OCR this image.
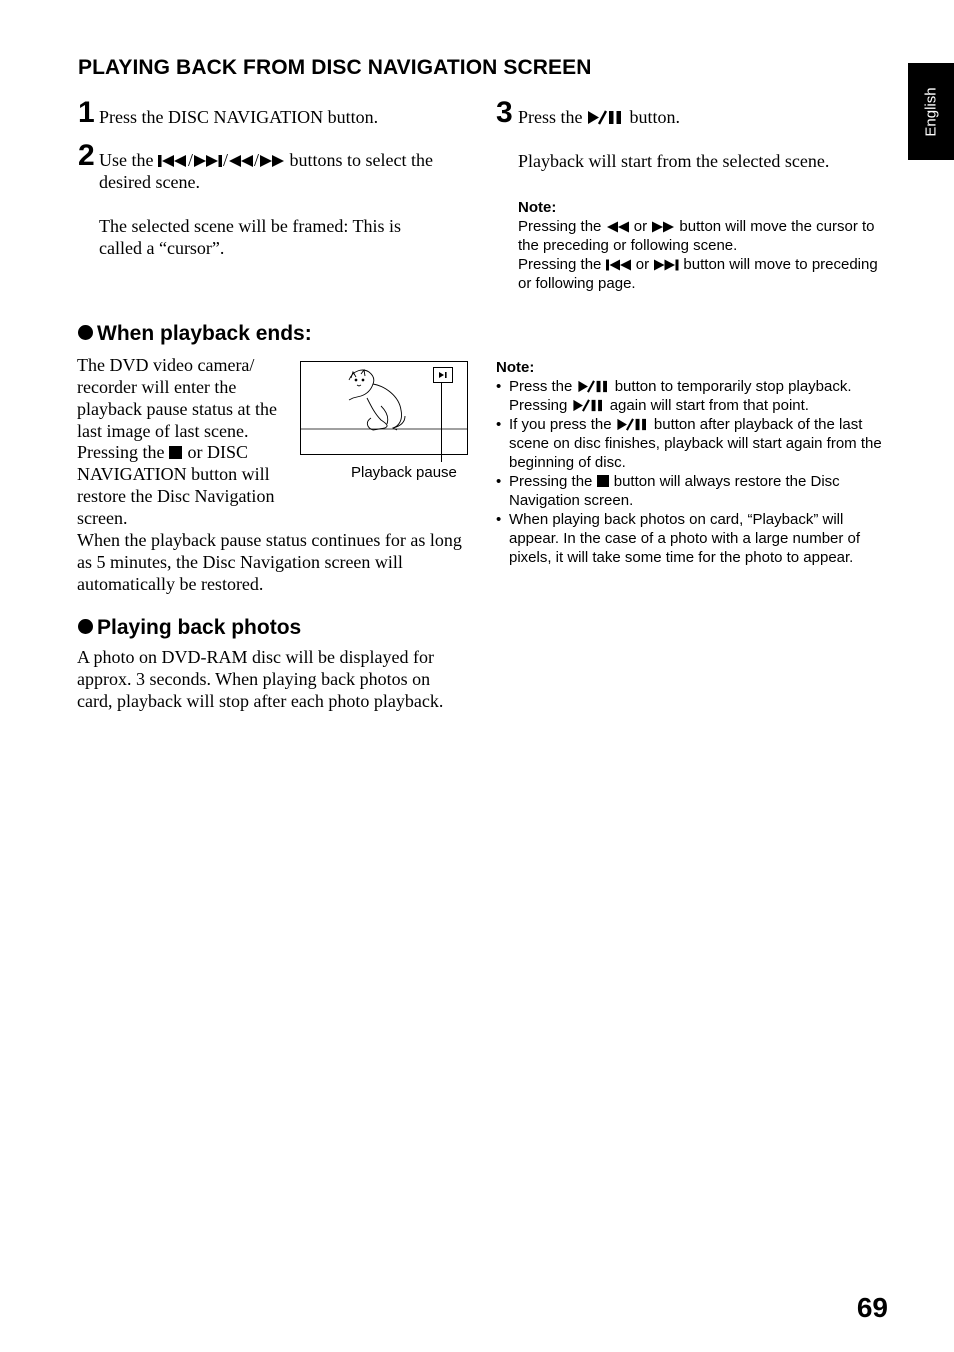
PLAYING BACK FROM DISC NAVIGATION SCREEN
English
1 Press the DISC NAVIGATION button.
2 Use the / / / buttons to select the desired scene.
The selected scene will be framed: This is called a “cursor”.
3 Press the	button.
Playback will start from the selected scene.
Note:
Pressing the or button will move the cursor to the preceding or following scene.
Pressing the or button will move to preceding or following page.
When playback ends:
The DVD video camera/ recorder will enter the playback pause status at the last image of last scene.
Pressing the or DISC NAVIGATION button will restore the Disc Navigation screen.
When the playback pause status continues for as long as 5 minutes, the Disc Navigation screen will automatically be restored.
Playback pause
Playing back photos
A photo on DVD-RAM disc will be displayed for approx. 3 seconds. When playing back photos on card, playback will stop after each photo playback.
Note:
• Press the	button to temporarily stop playback. Pressing	again will start from that point.
• If you press the	button after playback of the last scene on disc finishes, playback will start again from the beginning of disc.
• Pressing the button will always restore the Disc Navigation screen.
• When playing back photos on card, “Playback” will appear. In the case of a photo with a large number of pixels, it will take some time for the photo to appear.
69
